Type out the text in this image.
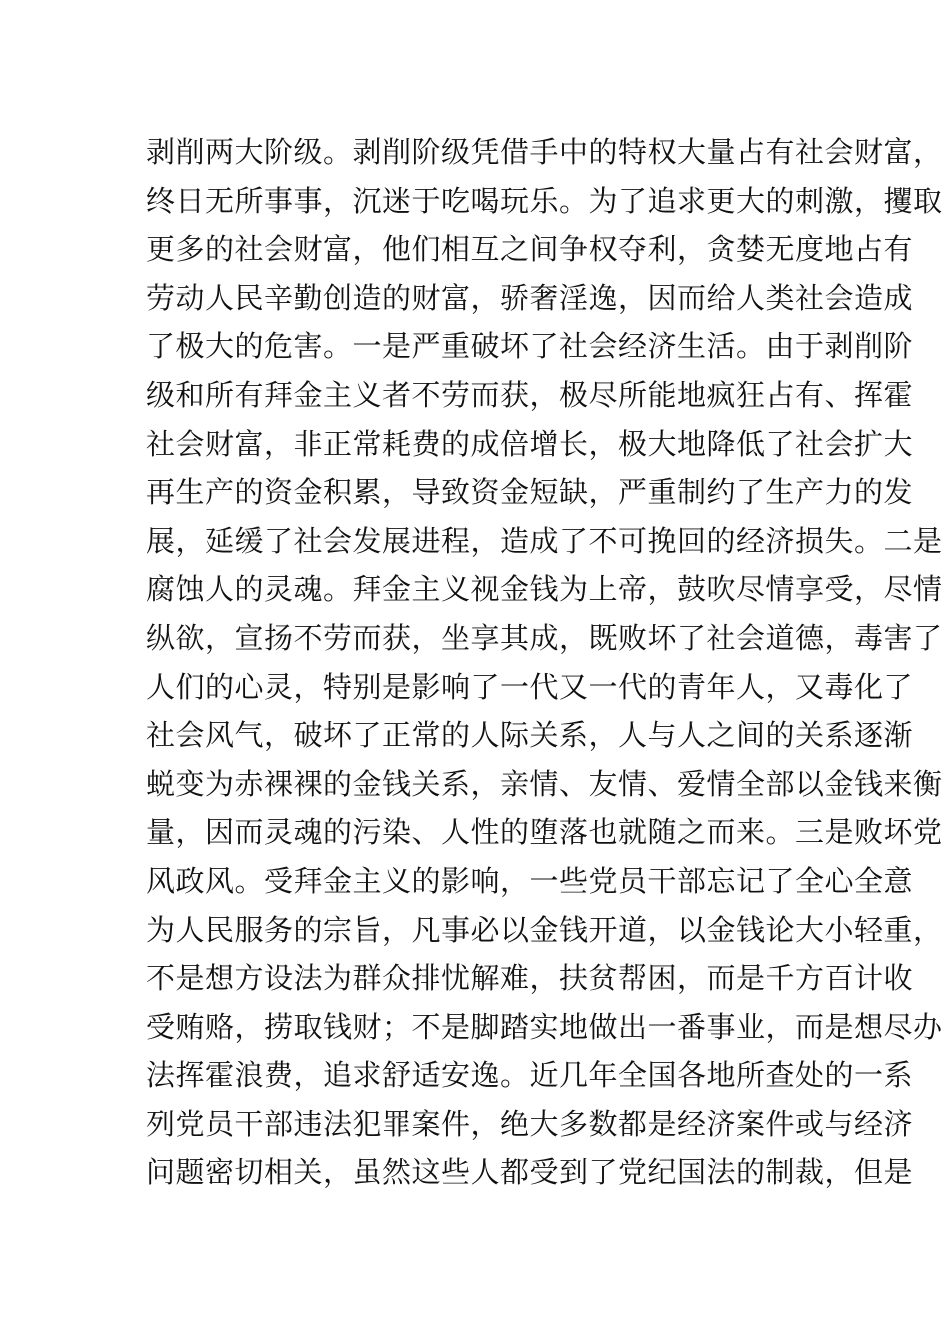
剥削两大阶级。剥削阶级凭借手中的特权大量占有社会财富，
终日无所事事，沉迷于吃喝玩乐。为了追求更大的刺激，攫取
更多的社会财富，他们相互之间争权夺利，贪婪无度地占有
劳动人民辛勤创造的财富，骄奢淫逸，因而给人类社会造成
了极大的危害。一是严重破坏了社会经济生活。由于剥削阶
级和所有拜金主义者不劳而获，极尽所能地疯狂占有、挥霍
社会财富，非正常耗费的成倍增长，极大地降低了社会扩大
再生产的资金积累，导致资金短缺，严重制约了生产力的发
展，延缓了社会发展进程，造成了不可挽回的经济损失。二是
腐蚀人的灵魂。拜金主义视金钱为上帝，鼓吹尽情享受，尽情
纵欲，宣扬不劳而获，坐享其成，既败坏了社会道德，毒害了
人们的心灵，特别是影响了一代又一代的青年人，又毒化了
社会风气，破坏了正常的人际关系，人与人之间的关系逐渐
蜕变为赤裸裸的金钱关系，亲情、友情、爱情全部以金钱来衡
量，因而灵魂的污染、人性的堕落也就随之而来。三是败坏党
风政风。受拜金主义的影响，一些党员干部忘记了全心全意
为人民服务的宗旨，凡事必以金钱开道，以金钱论大小轻重，
不是想方设法为群众排忧解难，扶贫帮困，而是千方百计收
受贿赂，捞取钱财；不是脚踏实地做出一番事业，而是想尽办
法挥霍浪费，追求舒适安逸。近几年全国各地所查处的一系
列党员干部违法犯罪案件，绝大多数都是经济案件或与经济
问题密切相关，虽然这些人都受到了党纪国法的制裁，但是
